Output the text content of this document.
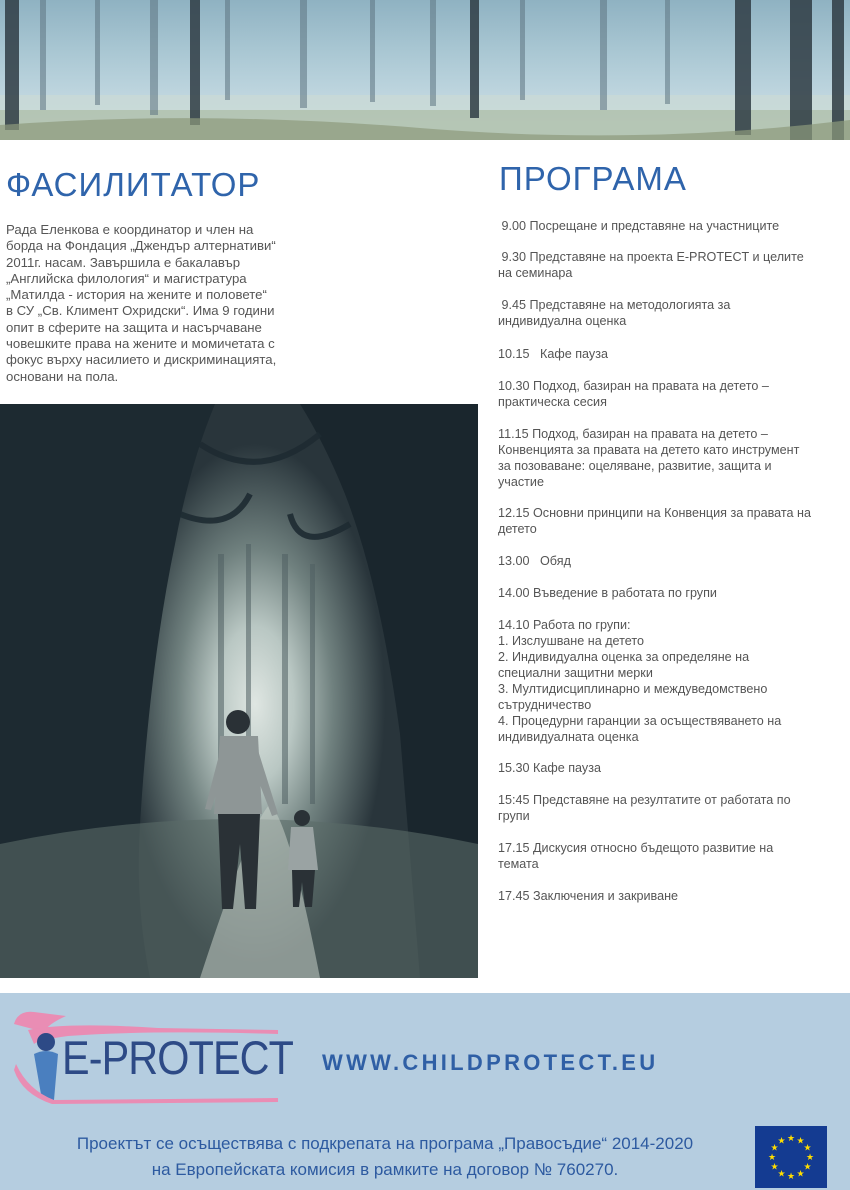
ФАСИЛИТАТОР
Рада Еленкова е координатор и член на
борда на Фондация „Джендър алтернативи“
2011г. насам. Завършила е бакалавър
„Английска филология“ и магистратура
„Матилда - история на жените и половете“
в СУ „Св. Климент Охридски“. Има 9 години
опит в сферите на защита и насърчаване
човешките права на жените и момичетата с
фокус върху насилието и дискриминацията,
основани на пола.
ПРОГРАМА
9.00 Посрещане и представяне на участниците
9.30 Представяне на проекта E-PROTECT и целите
на семинара
9.45 Представяне на методологията за
индивидуална оценка
10.15   Кафе пауза
10.30 Подход, базиран на правата на детето –
практическа сесия
11.15 Подход, базиран на правата на детето –
Конвенцията за правата на детето като инструмент
за позоваване: оцеляване, развитие, защита и
участие
12.15 Основни принципи на Конвенция за правата на
детето
13.00   Обяд
14.00 Въведение в работата по групи
14.10 Работа по групи:
1. Изслушване на детето
2. Индивидуална оценка за определяне на
специални защитни мерки
3. Мултидисциплинарно и междуведомствено
сътрудничество
4. Процедурни гаранции за осъществяването на
индивидуалната оценка
15.30 Кафе пауза
15:45 Представяне на резултатите от работата по
групи
17.15 Дискусия относно бъдещото развитие на
темата
17.45 Заключения и закриване
E-PROTECT WWW.CHILDPROTECT.EU
Проектът се осъществява с подкрепата на програма „Правосъдие“ 2014-2020
на Европейската комисия в рамките на договор № 760270.
★ ★
★
★
★
★
★
★
★
★
★
★
